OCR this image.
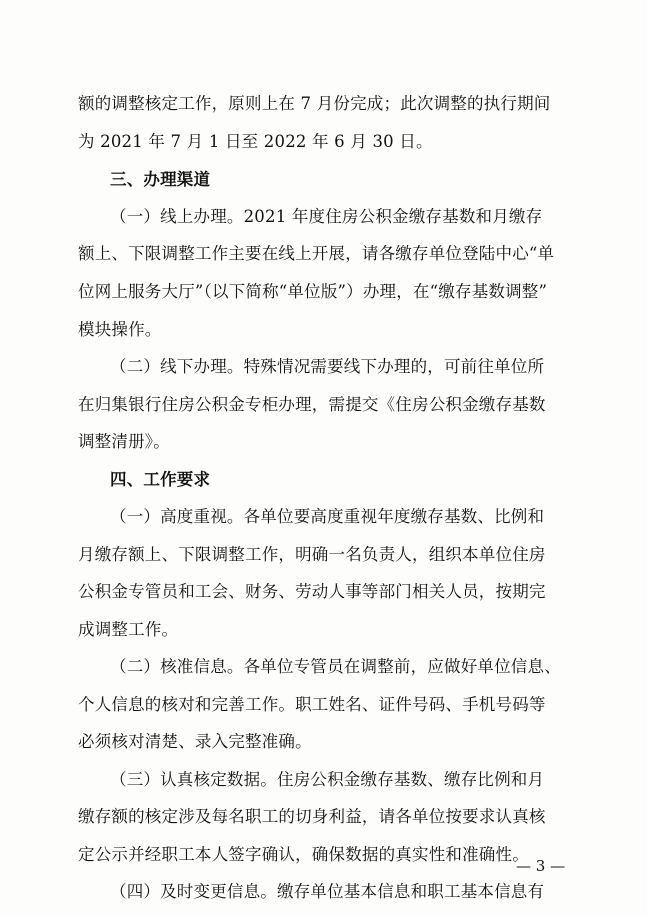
额的调整核定工作，原则上在 7 月份完成；此次调整的执行期间
为 2021 年 7 月 1 日至 2022 年 6 月 30 日。
三、办理渠道
（一）线上办理。2021 年度住房公积金缴存基数和月缴存
额上、下限调整工作主要在线上开展，请各缴存单位登陆中心“单
位网上服务大厅”（以下简称“单位版”）办理，在“缴存基数调整”
模块操作。
（二）线下办理。特殊情况需要线下办理的，可前往单位所
在归集银行住房公积金专柜办理，需提交《住房公积金缴存基数
调整清册》。
四、工作要求
（一）高度重视。各单位要高度重视年度缴存基数、比例和
月缴存额上、下限调整工作，明确一名负责人，组织本单位住房
公积金专管员和工会、财务、劳动人事等部门相关人员，按期完
成调整工作。
（二）核准信息。各单位专管员在调整前，应做好单位信息、
个人信息的核对和完善工作。职工姓名、证件号码、手机号码等
必须核对清楚、录入完整准确。
（三）认真核定数据。住房公积金缴存基数、缴存比例和月
缴存额的核定涉及每名职工的切身利益，请各单位按要求认真核
定公示并经职工本人签字确认，确保数据的真实性和准确性。
（四）及时变更信息。缴存单位基本信息和职工基本信息有
— 3 —
